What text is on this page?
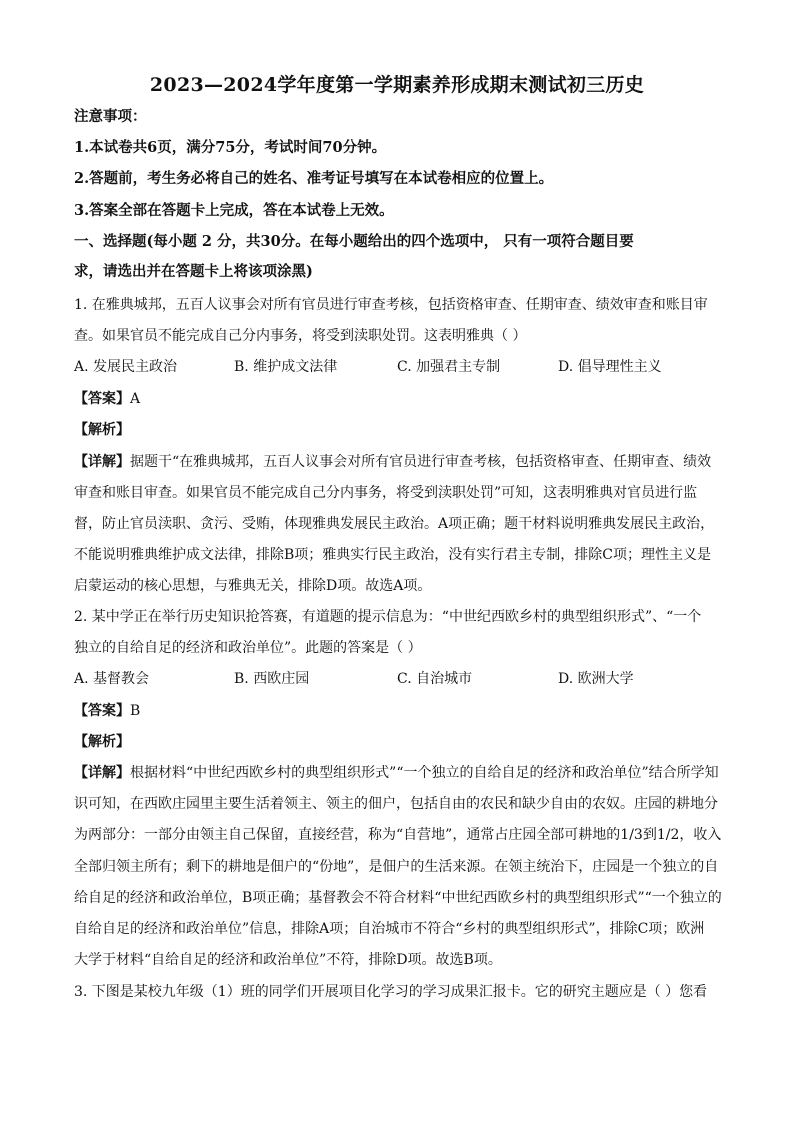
2023—2024学年度第一学期素养形成期末测试初三历史
注意事项：
1.本试卷共6页，满分75分，考试时间70分钟。
2.答题前，考生务必将自己的姓名、准考证号填写在本试卷相应的位置上。
3.答案全部在答题卡上完成，答在本试卷上无效。
一、选择题(每小题 2 分，共30分。在每小题给出的四个选项中， 只有一项符合题目要
求，请选出并在答题卡上将该项涂黑)
1. 在雅典城邦，五百人议事会对所有官员进行审查考核，包括资格审查、任期审查、绩效审查和账目审
查。如果官员不能完成自己分内事务，将受到渎职处罚。这表明雅典（ ）
A. 发展民主政治	B. 维护成文法律	C. 加强君主专制	D. 倡导理性主义
【答案】A
【解析】
【详解】据题干“在雅典城邦，五百人议事会对所有官员进行审查考核，包括资格审查、任期审查、绩效
审查和账目审查。如果官员不能完成自己分内事务，将受到渎职处罚”可知，这表明雅典对官员进行监
督，防止官员渎职、贪污、受贿，体现雅典发展民主政治。A项正确；题干材料说明雅典发展民主政治，
不能说明雅典维护成文法律，排除B项；雅典实行民主政治，没有实行君主专制，排除C项；理性主义是
启蒙运动的核心思想，与雅典无关，排除D项。故选A项。
2. 某中学正在举行历史知识抢答赛，有道题的提示信息为：“中世纪西欧乡村的典型组织形式”、“一个
独立的自给自足的经济和政治单位”。此题的答案是（ ）
A. 基督教会	B. 西欧庄园	C. 自治城市	D. 欧洲大学
【答案】B
【解析】
【详解】根据材料“中世纪西欧乡村的典型组织形式”“一个独立的自给自足的经济和政治单位”结合所学知
识可知，在西欧庄园里主要生活着领主、领主的佃户，包括自由的农民和缺少自由的农奴。庄园的耕地分
为两部分：一部分由领主自己保留，直接经营，称为“自营地”，通常占庄园全部可耕地的1/3到1/2，收入
全部归领主所有；剩下的耕地是佃户的“份地”，是佃户的生活来源。在领主统治下，庄园是一个独立的自
给自足的经济和政治单位，B项正确；基督教会不符合材料“中世纪西欧乡村的典型组织形式”“一个独立的
自给自足的经济和政治单位”信息，排除A项；自治城市不符合“乡村的典型组织形式”，排除C项；欧洲
大学于材料“自给自足的经济和政治单位”不符，排除D项。故选B项。
3. 下图是某校九年级（1）班的同学们开展项目化学习的学习成果汇报卡。它的研究主题应是（ ）您看
